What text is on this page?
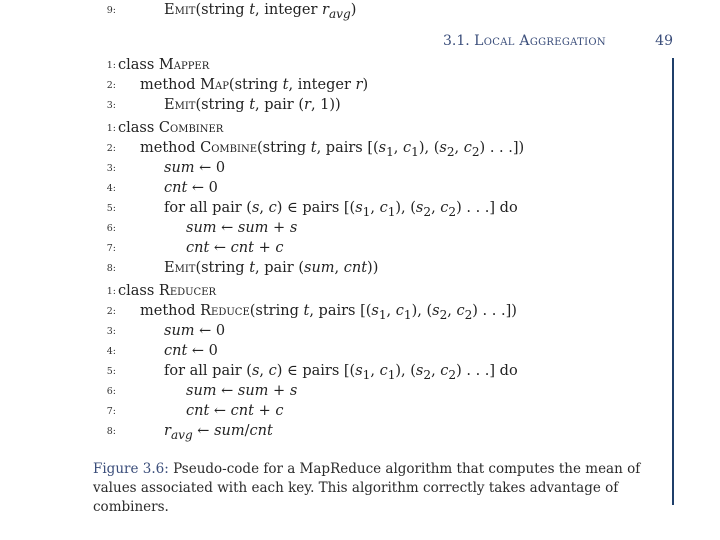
3.1. Local Aggregation	49
1: class Mapper
2: method Map(string t, integer r)
3:	Emit(string t, pair (r, 1))
1: class Combiner
2: method Combine(string t, pairs [($s_1$, $c_1$), ($s_2$, $c_2$) . . .])
3:	sum ← 0
4:	cnt ← 0
5:	for all pair (s, c) ∈ pairs [($s_1$, $c_1$), ($s_2$, $c_2$) . . .] do
6:	sum ← sum + s
7:	cnt ← cnt + c
8:	Emit(string t, pair (sum, cnt))
1: class Reducer
2: method Reduce(string t, pairs [($s_1$, $c_1$), ($s_2$, $c_2$) . . .])
3:	sum ← 0
4:	cnt ← 0
5:	for all pair (s, c) ∈ pairs [($s_1$, $c_1$), ($s_2$, $c_2$) . . .] do
6:	sum ← sum + s
7:	cnt ← cnt + c
8:	$r_{avg}$ ← sum/cnt
9:	Emit(string t, integer $r_{avg}$)
Figure 3.6: Pseudo-code for a MapReduce algorithm that computes the mean of values associated with each key. This algorithm correctly takes advantage of combiners.
